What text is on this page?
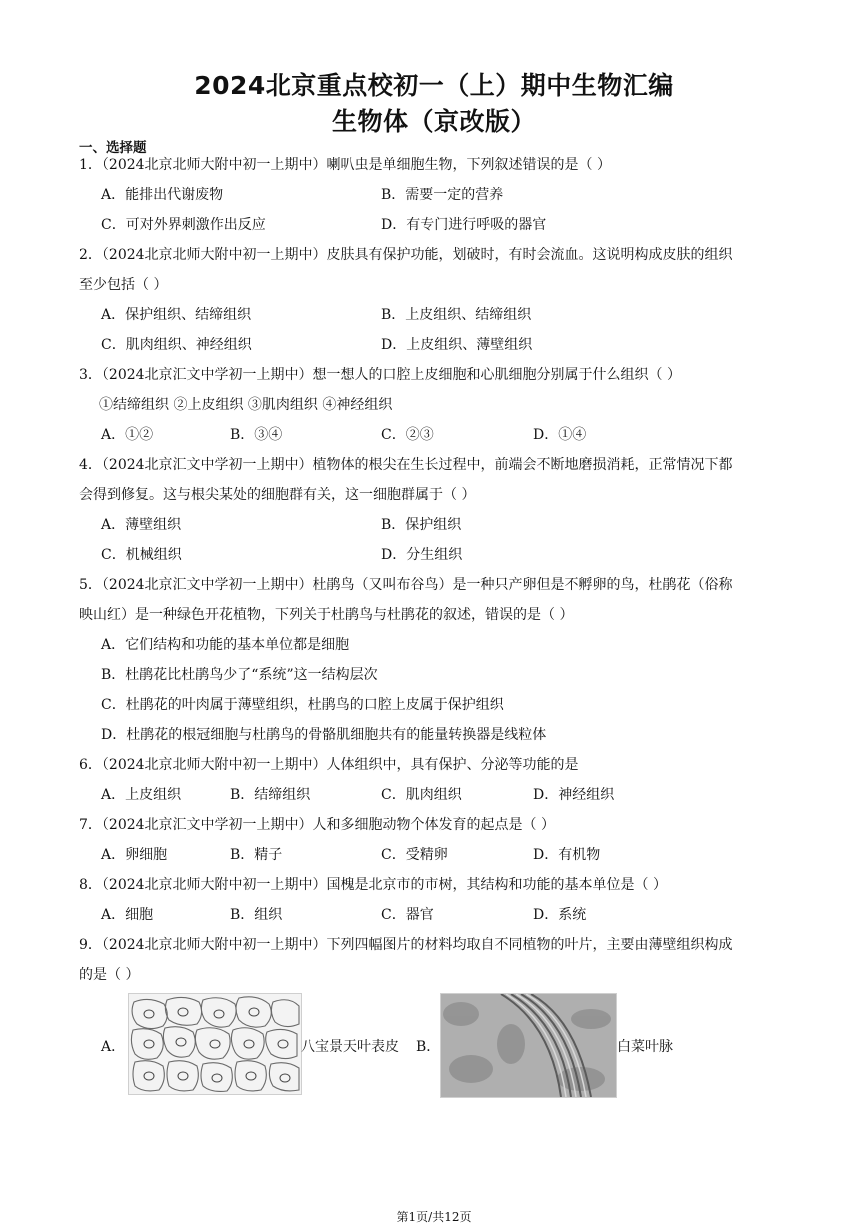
2024北京重点校初一（上）期中生物汇编
生物体（京改版）
一、选择题
1．（2024北京北师大附中初一上期中）喇叭虫是单细胞生物，下列叙述错误的是（ ）
A．能排出代谢废物	B．需要一定的营养
C．可对外界刺激作出反应	D．有专门进行呼吸的器官
2．（2024北京北师大附中初一上期中）皮肤具有保护功能，划破时，有时会流血。这说明构成皮肤的组织
至少包括（ ）
A．保护组织、结缔组织	B．上皮组织、结缔组织
C．肌肉组织、神经组织	D．上皮组织、薄壁组织
3．（2024北京汇文中学初一上期中）想一想人的口腔上皮细胞和心肌细胞分别属于什么组织（ ）
①结缔组织 ②上皮组织 ③肌肉组织 ④神经组织
A．①②	B．③④	C．②③	D．①④
4．（2024北京汇文中学初一上期中）植物体的根尖在生长过程中，前端会不断地磨损消耗，正常情况下都
会得到修复。这与根尖某处的细胞群有关，这一细胞群属于（ ）
A．薄壁组织	B．保护组织
C．机械组织	D．分生组织
5．（2024北京汇文中学初一上期中）杜鹃鸟（又叫布谷鸟）是一种只产卵但是不孵卵的鸟，杜鹃花（俗称
映山红）是一种绿色开花植物，下列关于杜鹃鸟与杜鹃花的叙述，错误的是（ ）
A．它们结构和功能的基本单位都是细胞
B．杜鹃花比杜鹃鸟少了“系统”这一结构层次
C．杜鹃花的叶肉属于薄壁组织，杜鹃鸟的口腔上皮属于保护组织
D．杜鹃花的根冠细胞与杜鹃鸟的骨骼肌细胞共有的能量转换器是线粒体
6．（2024北京北师大附中初一上期中）人体组织中，具有保护、分泌等功能的是
A．上皮组织	B．结缔组织	C．肌肉组织	D．神经组织
7．（2024北京汇文中学初一上期中）人和多细胞动物个体发育的起点是（ ）
A．卵细胞	B．精子	C．受精卵	D．有机物
8．（2024北京北师大附中初一上期中）国槐是北京市的市树，其结构和功能的基本单位是（ ）
A．细胞	B．组织	C．器官	D．系统
9．（2024北京北师大附中初一上期中）下列四幅图片的材料均取自不同植物的叶片，主要由薄壁组织构成
的是（ ）
A．	八宝景天叶表皮 B．	白菜叶脉
第1页/共12页
